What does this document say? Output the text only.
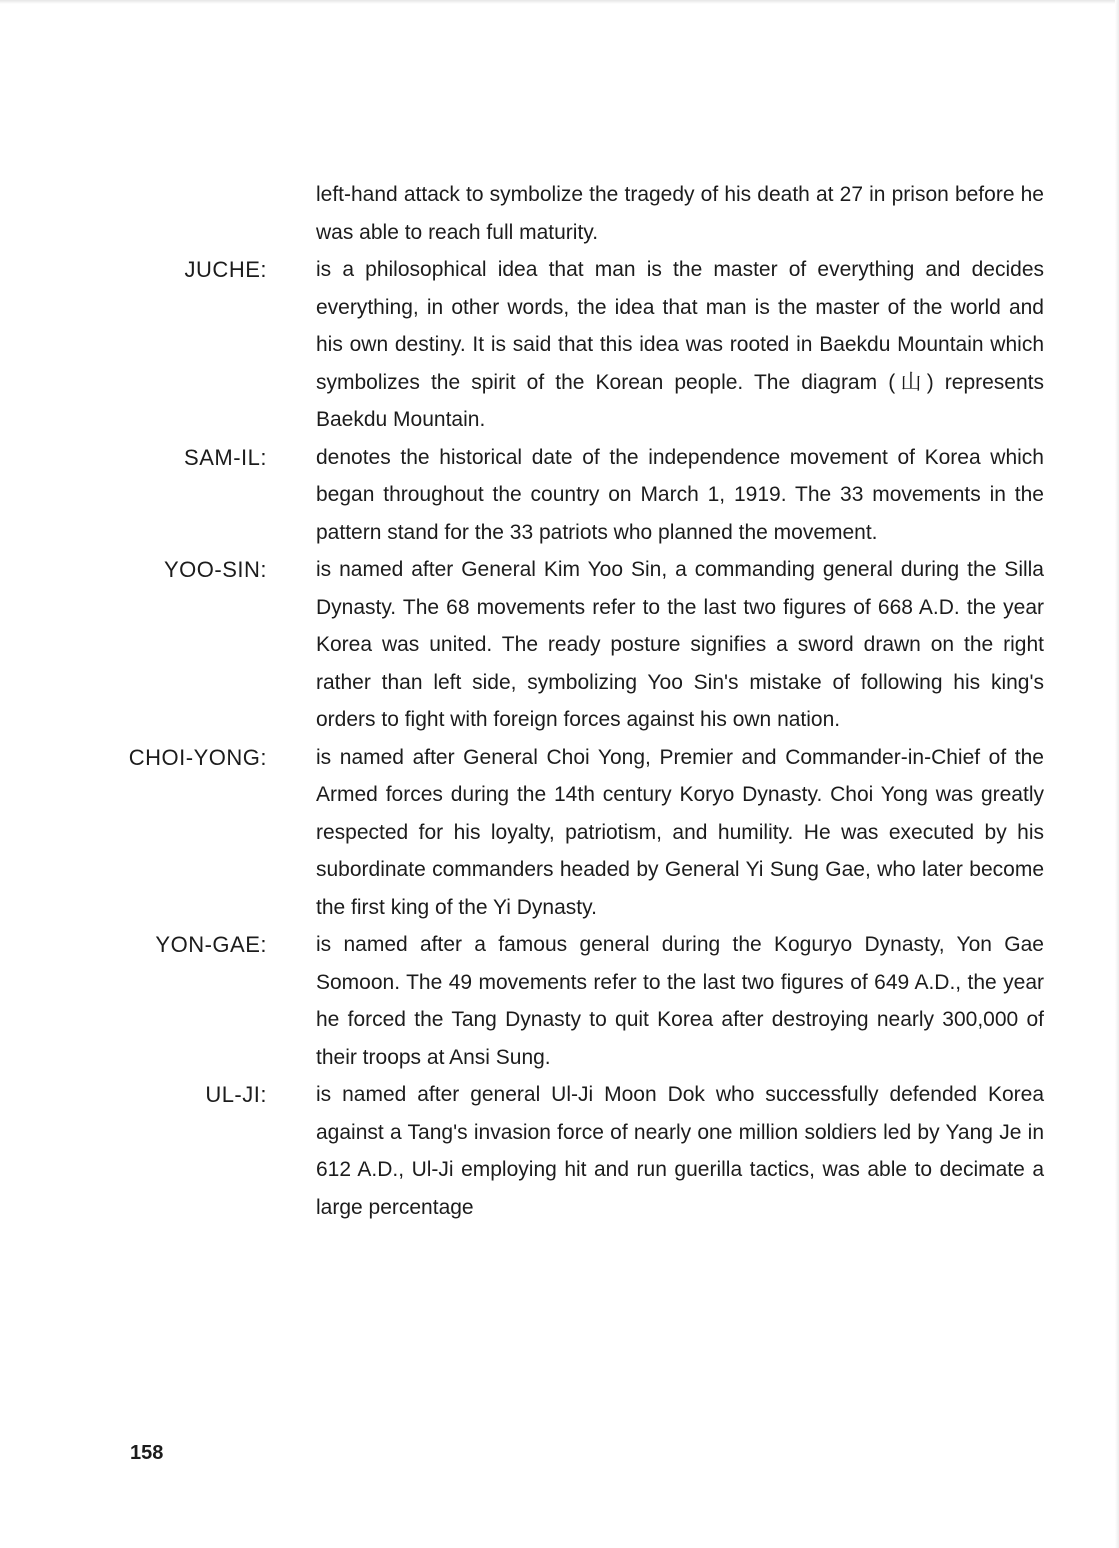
left-hand attack to symbolize the tragedy of his death at 27 in prison before he was able to reach full maturity.
JUCHE: is a philosophical idea that man is the master of everything and decides everything, in other words, the idea that man is the master of the world and his own destiny. It is said that this idea was rooted in Baekdu Mountain which symbolizes the spirit of the Korean people. The diagram (山) represents Baekdu Mountain.
SAM-IL: denotes the historical date of the independence movement of Korea which began throughout the country on March 1, 1919. The 33 movements in the pattern stand for the 33 patriots who planned the movement.
YOO-SIN: is named after General Kim Yoo Sin, a commanding general during the Silla Dynasty. The 68 movements refer to the last two figures of 668 A.D. the year Korea was united. The ready posture signifies a sword drawn on the right rather than left side, symbolizing Yoo Sin's mistake of following his king's orders to fight with foreign forces against his own nation.
CHOI-YONG: is named after General Choi Yong, Premier and Commander-in-Chief of the Armed forces during the 14th century Koryo Dynasty. Choi Yong was greatly respected for his loyalty, patriotism, and humility. He was executed by his subordinate commanders headed by General Yi Sung Gae, who later become the first king of the Yi Dynasty.
YON-GAE: is named after a famous general during the Koguryo Dynasty, Yon Gae Somoon. The 49 movements refer to the last two figures of 649 A.D., the year he forced the Tang Dynasty to quit Korea after destroying nearly 300,000 of their troops at Ansi Sung.
UL-JI: is named after general Ul-Ji Moon Dok who successfully defended Korea against a Tang's invasion force of nearly one million soldiers led by Yang Je in 612 A.D., Ul-Ji employing hit and run guerilla tactics, was able to decimate a large percentage
158
